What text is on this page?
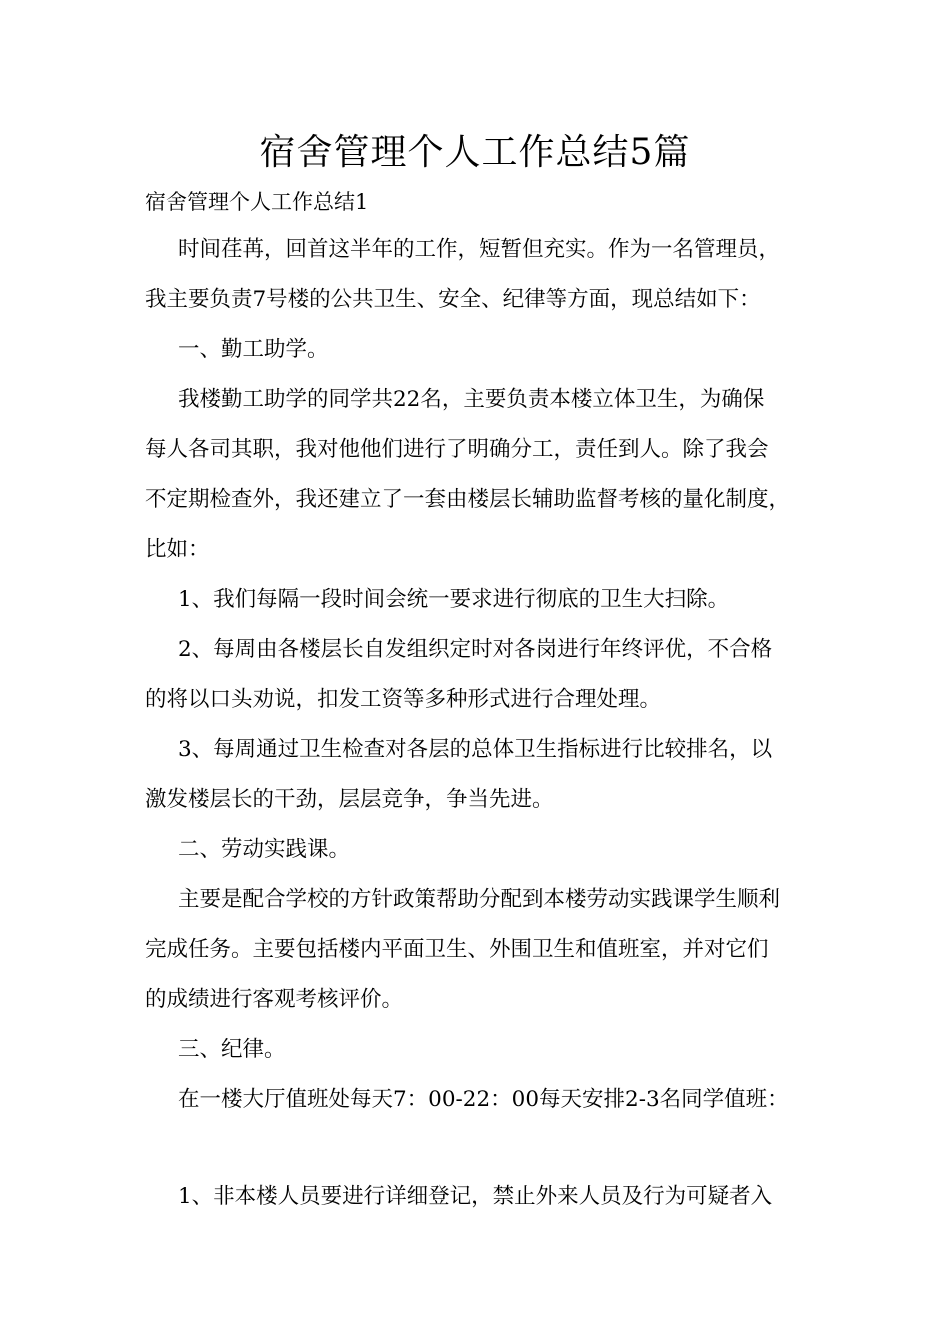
宿舍管理个人工作总结5篇
宿舍管理个人工作总结1
时间荏苒，回首这半年的工作，短暂但充实。作为一名管理员，
我主要负责7号楼的公共卫生、安全、纪律等方面，现总结如下：
一、勤工助学。
我楼勤工助学的同学共22名，主要负责本楼立体卫生，为确保
每人各司其职，我对他他们进行了明确分工，责任到人。除了我会
不定期检查外，我还建立了一套由楼层长辅助监督考核的量化制度，
比如：
1、我们每隔一段时间会统一要求进行彻底的卫生大扫除。
2、每周由各楼层长自发组织定时对各岗进行年终评优，不合格
的将以口头劝说，扣发工资等多种形式进行合理处理。
3、每周通过卫生检查对各层的总体卫生指标进行比较排名，以
激发楼层长的干劲，层层竞争，争当先进。
二、劳动实践课。
主要是配合学校的方针政策帮助分配到本楼劳动实践课学生顺利
完成任务。主要包括楼内平面卫生、外围卫生和值班室，并对它们
的成绩进行客观考核评价。
三、纪律。
在一楼大厅值班处每天7：00-22：00每天安排2-3名同学值班：
1、非本楼人员要进行详细登记，禁止外来人员及行为可疑者入
